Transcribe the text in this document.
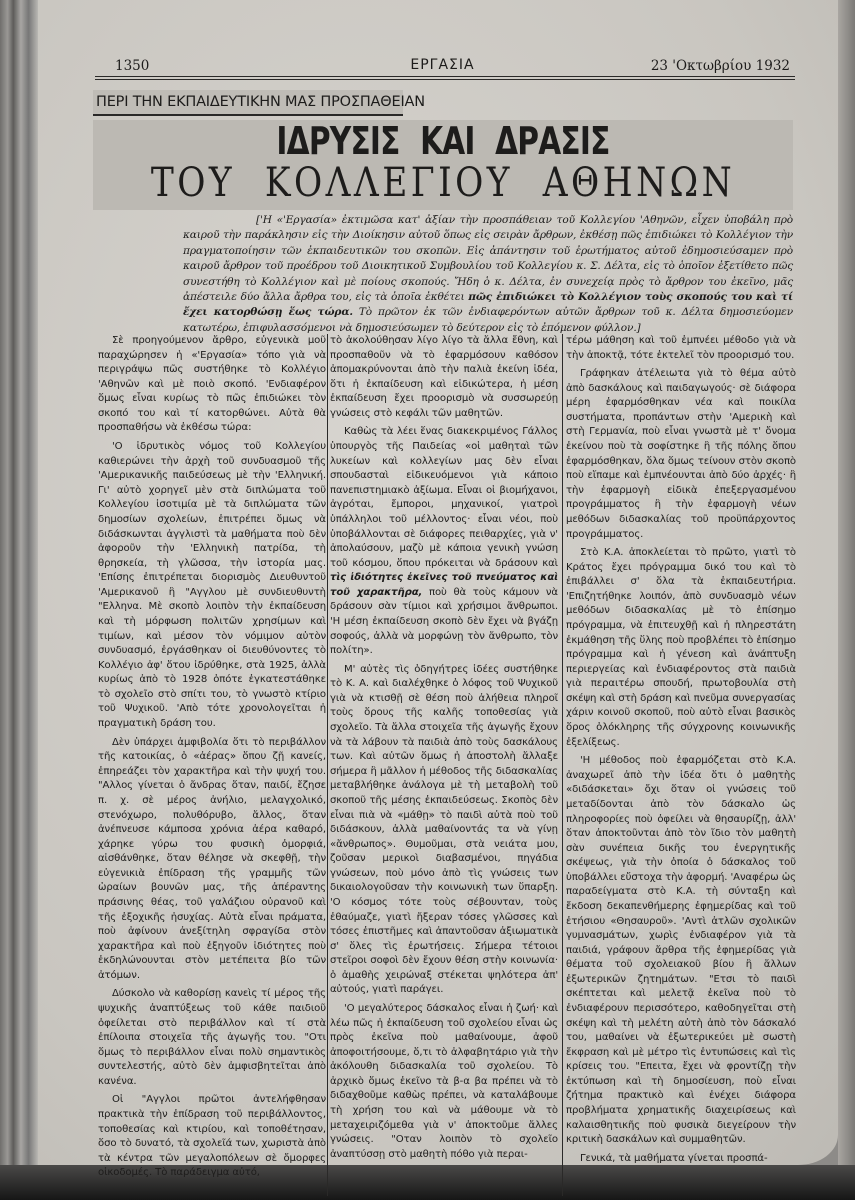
1350	ΕΡΓΑΣΙΑ	23 'Οκτωβρίου 1932
ΠΕΡΙ ΤΗΝ ΕΚΠΑΙΔΕΥΤΙΚΗΝ ΜΑΣ ΠΡΟΣΠΑΘΕΙΑΝ
ΙΔΡΥΣΙΣ ΚΑΙ ΔΡΑΣΙΣ
ΤΟΥ ΚΟΛΛΕΓΙΟΥ ΑΘΗΝΩΝ

['Η «'Εργασία» ἐκτιμῶσα κατ' ἀξίαν τὴν προσπάθειαν τοῦ Κολλεγίου 'Αθηνῶν, εἶχεν ὑποβάλη πρὸ καιροῦ τὴν παράκλησιν εἰς τὴν Διοίκησιν αὐτοῦ ὅπως εἰς σειρὰν ἄρθρων, ἐκθέσῃ πῶς ἐπιδιώκει τὸ Κολλέγιον τὴν πραγματοποίησιν τῶν ἐκπαιδευτικῶν του σκοπῶν. Εἰς ἀπάντησιν τοῦ ἐρωτήματος αὐτοῦ ἐδημοσιεύσαμεν πρὸ καιροῦ ἄρθρον τοῦ προέδρου τοῦ Διοικητικοῦ Συμβουλίου τοῦ Κολλεγίου κ. Σ. Δέλτα, εἰς τὸ ὁποῖον ἐξετίθετο πῶς συνεστήθη τὸ Κολλέγιον καὶ μὲ ποίους σκοπούς. Ἤδη ὁ κ. Δέλτα, ἐν συνεχείᾳ πρὸς τὸ ἄρθρον του ἐκεῖνο, μᾶς ἀπέστειλε δύο ἄλλα ἄρθρα του, εἰς τὰ ὁποῖα ἐκθέτει πῶς ἐπιδιώκει τὸ Κολλέγιον τοὺς σκοπούς του καὶ τί ἔχει κατορθώσῃ ἕως τώρα. Τὸ πρῶτον ἐκ τῶν ἐνδιαφερόντων αὐτῶν ἄρθρων τοῦ κ. Δέλτα δημοσιεύομεν κατωτέρω, ἐπιφυλασσόμενοι νὰ δημοσιεύσωμεν τὸ δεύτερον εἰς τὸ ἐπόμενον φύλλον.]

Σὲ προηγούμενον ἄρθρο, εὐγενικὰ μοῦ παραχώρησεν ἡ «'Εργασία» τόπο γιὰ νὰ περιγράψω πῶς συστήθηκε τὸ Κολλέγιο 'Αθηνῶν καὶ μὲ ποιὸ σκοπό. 'Ενδιαφέρον ὅμως εἶναι κυρίως τὸ πῶς ἐπιδιώκει τὸν σκοπό του καὶ τί κατορθώνει. Αὐτὰ θὰ προσπαθήσω νὰ ἐκθέσω τώρα:

'Ο ἱδρυτικὸς νόμος τοῦ Κολλεγίου καθιερώνει τὴν ἀρχὴ τοῦ συνδυασμοῦ τῆς 'Αμερικανικῆς παιδεύσεως μὲ τὴν 'Ελληνική. Γι' αὐτὸ χορηγεῖ μὲν στὰ διπλώματα τοῦ Κολλεγίου ἰσοτιμία μὲ τὰ διπλώματα τῶν δημοσίων σχολείων, ἐπιτρέπει ὅμως νὰ διδάσκωνται ἀγγλιστὶ τὰ μαθήματα ποὺ δὲν ἀφοροῦν τὴν 'Ελληνικὴ πατρίδα, τὴ θρησκεία, τὴ γλῶσσα, τὴν ἱστορία μας. 'Επίσης ἐπιτρέπεται διορισμὸς Διευθυντοῦ 'Αμερικανοῦ ἢ "Αγγλου μὲ συνδιευθυντὴ "Ελληνα. Μὲ σκοπὸ λοιπὸν τὴν ἐκπαίδευση καὶ τὴ μόρφωση πολιτῶν χρησίμων καὶ τιμίων, καὶ μέσον τὸν νόμιμον αὐτὸν συνδυασμό, ἐργάσθηκαν οἱ διευθύνοντες τὸ Κολλέγιο ἀφ' ὅτου ἱδρύθηκε, στὰ 1925, ἀλλὰ κυρίως ἀπὸ τὸ 1928 ὁπότε ἐγκατεστάθηκε τὸ σχολεῖο στὸ σπίτι του, τὸ γνωστὸ κτίριο τοῦ Ψυχικοῦ. 'Απὸ τότε χρονολογεῖται ἡ πραγματικὴ δράση του.

Δὲν ὑπάρχει ἀμφιβολία ὅτι τὸ περιβάλλον τῆς κατοικίας, ὁ «ἀέρας» ὅπου ζῇ κανείς, ἐπηρεάζει τὸν χαρακτῆρα καὶ τὴν ψυχή του. "Αλλος γίνεται ὁ ἄνδρας ὅταν, παιδί, ἔζησε π. χ. σὲ μέρος ἀνήλιο, μελαγχολικό, στενόχωρο, πολυθόρυβο, ἄλλος, ὅταν ἀνέπνευσε κάμποσα χρόνια ἀέρα καθαρό, χάρηκε γύρω του φυσικὴ ὀμορφιά, αἰσθάνθηκε, ὅταν θέλησε νὰ σκεφθῇ, τὴν εὐγενικιὰ ἐπίδραση τῆς γραμμῆς τῶν ὡραίων βουνῶν μας, τῆς ἀπέραντης πράσινης θέας, τοῦ γαλάζιου οὐρανοῦ καὶ τῆς ἐξοχικῆς ἡσυχίας. Αὐτὰ εἶναι πράματα, ποὺ ἀφίνουν ἀνεξίτηλη σφραγίδα στὸν χαρακτῆρα καὶ ποὺ ἐξηγοῦν ἰδιότητες ποὺ ἐκδηλώνουνται στὸν μετέπειτα βίο τῶν ἀτόμων.

Δύσκολο νὰ καθορίσῃ κανεὶς τί μέρος τῆς ψυχικῆς ἀναπτύξεως τοῦ κάθε παιδιοῦ ὀφείλεται στὸ περιβάλλον καὶ τί στὰ ἐπίλοιπα στοιχεῖα τῆς ἀγωγῆς του. "Οτι ὅμως τὸ περιβάλλον εἶναι πολὺ σημαντικὸς συντελεστής, αὐτὸ δὲν ἀμφισβητεῖται ἀπὸ κανένα.

Οἱ "Αγγλοι πρῶτοι ἀντελήφθησαν πρακτικὰ τὴν ἐπίδραση τοῦ περιβάλλοντος, τοποθεσίας καὶ κτιρίου, καὶ τοποθέτησαν, ὅσο τὸ δυνατό, τὰ σχολεῖά των, χωριστὰ ἀπὸ τὰ κέντρα τῶν μεγαλοπόλεων σὲ ὄμορφες οἰκοδομές. Τὸ παράδειγμα αὐτό,

τὸ ἀκολούθησαν λίγο λίγο τὰ ἄλλα ἔθνη, καὶ προσπαθοῦν νὰ τὸ ἐφαρμόσουν καθόσον ἀπομακρύνονται ἀπὸ τὴν παλιὰ ἐκείνη ἰδέα, ὅτι ἡ ἐκπαίδευση καὶ εἰδικώτερα, ἡ μέση ἐκπαίδευση ἔχει προορισμὸ νὰ συσσωρεύῃ γνώσεις στὸ κεφάλι τῶν μαθητῶν.

Καθὼς τὰ λέει ἕνας διακεκριμένος Γάλλος ὑπουργὸς τῆς Παιδείας «οἱ μαθηταὶ τῶν λυκείων καὶ κολλεγίων μας δὲν εἶναι σπουδασταὶ εἰδικευόμενοι γιὰ κάποιο πανεπιστημιακὸ ἀξίωμα. Εἶναι οἱ βιομήχανοι, ἀγρόται, ἔμποροι, μηχανικοί, γιατροὶ ὑπάλληλοι τοῦ μέλλοντος· εἶναι νέοι, ποὺ ὑποβάλλονται σὲ διάφορες πειθαρχίες, γιὰ ν' ἀπολαύσουν, μαζὺ μὲ κάποια γενικὴ γνώση τοῦ κόσμου, ὅπου πρόκειται νὰ δράσουν καὶ τὶς ἰδιότητες ἐκεῖνες τοῦ πνεύματος καὶ τοῦ χαρακτῆρα, ποὺ θὰ τοὺς κάμουν νὰ δράσουν σὰν τίμιοι καὶ χρήσιμοι ἄνθρωποι. 'Η μέση ἐκπαίδευση σκοπὸ δὲν ἔχει νὰ βγάζῃ σοφούς, ἀλλὰ νὰ μορφώνῃ τὸν ἄνθρωπο, τὸν πολίτη».

Μ' αὐτὲς τὶς ὁδηγήτρες ἰδέες συστήθηκε τὸ Κ. Α. καὶ διαλέχθηκε ὁ λόφος τοῦ Ψυχικοῦ γιὰ νὰ κτισθῇ σὲ θέση ποὺ ἀλήθεια πληροῖ τοὺς ὅρους τῆς καλῆς τοποθεσίας γιὰ σχολεῖο. Τὰ ἄλλα στοιχεῖα τῆς ἀγωγῆς ἔχουν νὰ τὰ λάβουν τὰ παιδιὰ ἀπὸ τοὺς δασκάλους των. Καὶ αὐτῶν ὅμως ἡ ἀποστολὴ ἄλλαξε σήμερα ἢ μᾶλλον ἡ μέθοδος τῆς διδασκαλίας μεταβλήθηκε ἀνάλογα μὲ τὴ μεταβολὴ τοῦ σκοποῦ τῆς μέσης ἐκπαιδεύσεως. Σκοπὸς δὲν εἶναι πιὰ νὰ «μάθῃ» τὸ παιδὶ αὐτὰ ποὺ τοῦ διδάσκουν, ἀλλὰ μαθαίνοντάς τα νὰ γίνῃ «ἄνθρωπος». Θυμοῦμαι, στὰ νειάτα μου, ζοῦσαν μερικοὶ διαβασμένοι, πηγάδια γνώσεων, ποὺ μόνο ἀπὸ τὶς γνώσεις των δικαιολογοῦσαν τὴν κοινωνικὴ των ὕπαρξη. 'Ο κόσμος τότε τοὺς σέβουνταν, τοὺς ἐθαύμαζε, γιατὶ ἤξεραν τόσες γλῶσσες καὶ τόσες ἐπιστῆμες καὶ ἀπαντοῦσαν ἀξιωματικὰ σ' ὅλες τὶς ἐρωτήσεις. Σήμερα τέτοιοι στεῖροι σοφοὶ δὲν ἔχουν θέση στὴν κοινωνία· ὁ ἀμαθὴς χειρώναξ στέκεται ψηλότερα ἀπ' αὐτούς, γιατὶ παράγει.

'Ο μεγαλύτερος δάσκαλος εἶναι ἡ ζωή· καὶ λέω πῶς ἡ ἐκπαίδευση τοῦ σχολείου εἶναι ὡς πρὸς ἐκεῖνα ποὺ μαθαίνουμε, ἀφοῦ ἀποφοιτήσουμε, ὅ,τι τὸ ἀλφαβητάριο γιὰ τὴν ἀκόλουθη διδασκαλία τοῦ σχολείου. Τὸ ἀρχικὸ ὅμως ἐκεῖνο τὰ β-α βα πρέπει νὰ τὸ διδαχθοῦμε καθὼς πρέπει, νὰ καταλάβουμε τὴ χρήση του καὶ νὰ μάθουμε νὰ τὸ μεταχειριζόμεθα γιὰ ν' ἀποκτοῦμε ἄλλες γνώσεις. "Οταν λοιπὸν τὸ σχολεῖο ἀναπτύσσῃ στὸ μαθητὴ πόθο γιὰ περαι-

τέρω μάθηση καὶ τοῦ ἐμπνέει μέθοδο γιὰ νὰ τὴν ἀποκτᾷ, τότε ἐκτελεῖ τὸν προορισμό του.

Γράφηκαν ἀτέλειωτα γιὰ τὸ θέμα αὐτὸ ἀπὸ δασκάλους καὶ παιδαγωγούς· σὲ διάφορα μέρη ἐφαρμόσθηκαν νέα καὶ ποικίλα συστήματα, προπάντων στὴν 'Αμερικὴ καὶ στὴ Γερμανία, ποὺ εἶναι γνωστὰ μὲ τ' ὄνομα ἐκείνου ποὺ τὰ σοφίστηκε ἢ τῆς πόλης ὅπου ἐφαρμόσθηκαν, ὅλα ὅμως τείνουν στὸν σκοπὸ ποὺ εἴπαμε καὶ ἐμπνέουνται ἀπὸ δύο ἀρχές· ἢ τὴν ἐφαρμογὴ εἰδικὰ ἐπεξεργασμένου προγράμματος ἢ τὴν ἐφαρμογὴ νέων μεθόδων διδασκαλίας τοῦ προϋπάρχοντος προγράμματος.

Στὸ Κ.Α. ἀποκλείεται τὸ πρῶτο, γιατὶ τὸ Κράτος ἔχει πρόγραμμα δικό του καὶ τὸ ἐπιβάλλει σ' ὅλα τὰ ἐκπαιδευτήρια. 'Επιζητήθηκε λοιπόν, ἀπὸ συνδυασμὸ νέων μεθόδων διδασκαλίας μὲ τὸ ἐπίσημο πρόγραμμα, νὰ ἐπιτευχθῇ καὶ ἡ πληρεστάτη ἐκμάθηση τῆς ὕλης ποὺ προβλέπει τὸ ἐπίσημο πρόγραμμα καὶ ἡ γένεση καὶ ἀνάπτυξη περιεργείας καὶ ἐνδιαφέροντος στὰ παιδιὰ γιὰ περαιτέρω σπουδή, πρωτοβουλία στὴ σκέψη καὶ στὴ δράση καὶ πνεῦμα συνεργασίας χάριν κοινοῦ σκοποῦ, ποὺ αὐτὸ εἶναι βασικὸς ὅρος ὁλόκληρης τῆς σύγχρονης κοινωνικῆς ἐξελίξεως.

'Η μέθοδος ποὺ ἐφαρμόζεται στὸ Κ.Α. ἀναχωρεῖ ἀπὸ τὴν ἰδέα ὅτι ὁ μαθητὴς «διδάσκεται» ὄχι ὅταν οἱ γνώσεις τοῦ μεταδίδονται ἀπὸ τὸν δάσκαλο ὡς πληροφορίες ποὺ ὀφείλει νὰ θησαυρίζῃ, ἀλλ' ὅταν ἀποκτοῦνται ἀπὸ τὸν ἴδιο τὸν μαθητὴ σὰν συνέπεια δικῆς του ἐνεργητικῆς σκέψεως, γιὰ τὴν ὁποία ὁ δάσκαλος τοῦ ὑποβάλλει εὔστοχα τὴν ἀφορμή. 'Αναφέρω ὡς παραδείγματα στὸ Κ.Α. τὴ σύνταξη καὶ ἔκδοση δεκαπενθήμερης ἐφημερίδας καὶ τοῦ ἐτήσιου «Θησαυροῦ». 'Αντὶ ἀτλῶν σχολικῶν γυμνασμάτων, χωρὶς ἐνδιαφέρον γιὰ τὰ παιδιά, γράφουν ἄρθρα τῆς ἐφημερίδας γιὰ θέματα τοῦ σχολειακοῦ βίου ἢ ἄλλων ἐξωτερικῶν ζητημάτων. "Ετσι τὸ παιδὶ σκέπτεται καὶ μελετᾷ ἐκεῖνα ποὺ τὸ ἐνδιαφέρουν περισσότερο, καθοδηγεῖται στὴ σκέψη καὶ τὴ μελέτη αὐτὴ ἀπὸ τὸν δάσκαλό του, μαθαίνει νὰ ἐξωτερικεύει μὲ σωστὴ ἔκφραση καὶ μὲ μέτρο τὶς ἐντυπώσεις καὶ τὶς κρίσεις του. "Επειτα, ἔχει νὰ φροντίζῃ τὴν ἐκτύπωση καὶ τὴ δημοσίευση, ποὺ εἶναι ζήτημα πρακτικὸ καὶ ἐνέχει διάφορα προβλήματα χρηματικῆς διαχειρίσεως καὶ καλαισθητικῆς ποὺ φυσικὰ διεγείρουν τὴν κριτικὴ δασκάλων καὶ συμμαθητῶν.

Γενικά, τὰ μαθήματα γίνεται προσπά-
